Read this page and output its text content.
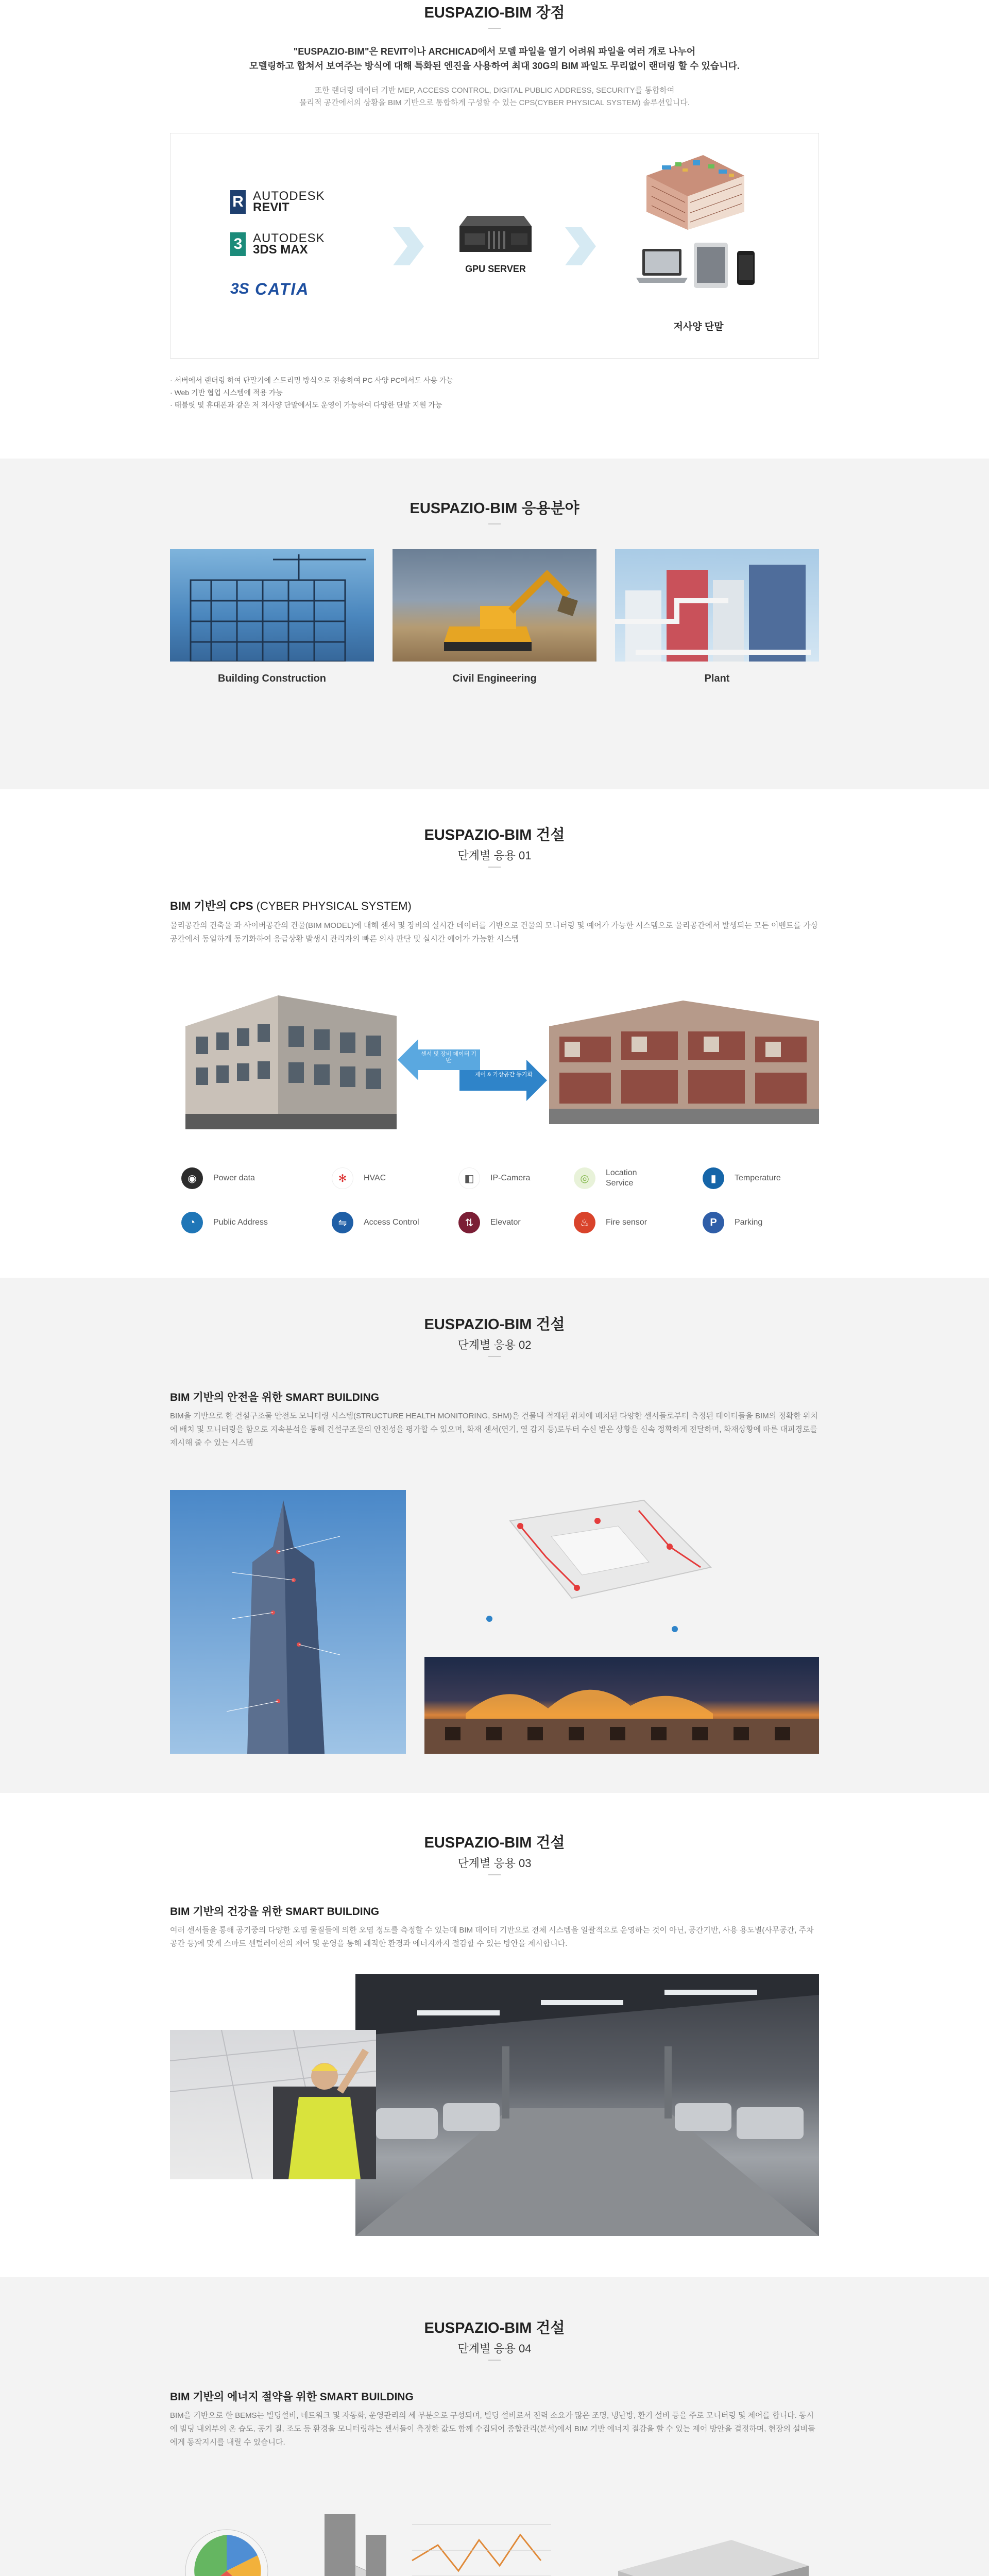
EUSPAZIO-BIM 장점
"EUSPAZIO-BIM"은 REVIT이나 ARCHICAD에서 모델 파일을 열기 어려워 파일을 여러 개로 나누어
모델링하고 합쳐서 보여주는 방식에 대해 특화된 엔진을 사용하여 최대 30G의 BIM 파일도 무리없이 랜더링 할 수 있습니다.
또한 랜더링 데이터 기반 MEP, ACCESS CONTROL, DIGITAL PUBLIC ADDRESS, SECURITY를 통합하여
물리적 공간에서의 상황을 BIM 기반으로 통합하게 구성할 수 있는 CPS(CYBER PHYSICAL SYSTEM) 솔루션입니다.
R AUTODESK
REVIT
3 AUTODESK
3DS MAX
3S CATIA
GPU SERVER
저사양 단말
· 서버에서 랜더링 하여 단말기에 스트리밍 방식으로 전송하여 PC 사양 PC에서도 사용 가능
· Web 기반 협업 시스템에 적용 가능
· 태블릿 및 휴대폰과 같은 저 저사양 단말에서도 운영이 가능하여 다양한 단말 지원 가능
EUSPAZIO-BIM 응용분야
Building Construction	Civil Engineering	Plant
EUSPAZIO-BIM 건설
단계별 응용 01
BIM 기반의 CPS (CYBER PHYSICAL SYSTEM)
물리공간의 건축물 과 사이버공간의 건물(BIM MODEL)에 대해 센서 및 장비의 실시간 데이터를 기반으로 건물의 모니터링 및 예어가 가능한 시스템으로 물리공간에서 발생되는 모든 이벤트를 가상 공간에서 동일하게 동기화하여 응급상황 발생시 관리자의 빠른 의사 판단 및 실시간 예어가 가능한 시스템
센서 및 장비 데이터 기반
제어 & 가상공간 동기화
◉	Power data	✻	HVAC	◧	IP-Camera	◎	Location Service	▮	Temperature
◔	Public Address	⇋	Access Control	⇅	Elevator	♨	Fire sensor	P	Parking
EUSPAZIO-BIM 건설
단계별 응용 02
BIM 기반의 안전을 위한 SMART BUILDING
BIM을 기반으로 한 건설구조물 안전도 모니터링 시스템(STRUCTURE HEALTH MONITORING, SHM)은 건물내 적재된 위치에 배치된 다양한 센서들로부터 측정된 데이터들을 BIM의 정확한 위치에 배치 및 모니터링을 함으로 지속분석을 통해 건설구조물의 안전성을 평가할 수 있으며, 화재 센서(연기, 열 감지 등)로부터 수신 받은 상황을 신속 정확하게 전달하며, 화재상황에 따른 대피경로를 제시해 줄 수 있는 시스템
EUSPAZIO-BIM 건설
단계별 응용 03
BIM 기반의 건강을 위한 SMART BUILDING
여러 센서들을 통해 공기중의 다양한 오염 물질들에 의한 오염 정도를 측정할 수 있는데 BIM 데이터 기반으로 전체 시스템을 일괄적으로 운영하는 것이 아닌, 공간기반, 사용 용도별(사무공간, 주차공간 등)에 맞게 스마트 센털레이션의 제어 및 운영을 통해 쾌적한 환경과 에너지까지 절감할 수 있는 방안을 제시합니다.
EUSPAZIO-BIM 건설
단계별 응용 04
BIM 기반의 에너지 절약을 위한 SMART BUILDING
BIM을 기반으로 한 BEMS는 빌딩설비, 네트워크 및 자동화, 운영관리의 세 부분으로 구성되며, 빌딩 설비로서 전력 소요가 많은 조명, 냉난방, 환기 설비 등을 주로 모니터링 및 제어를 합니다. 동시에 빌딩 내외부의 온 습도, 공기 질, 조도 등 환경을 모니터링하는 센서들이 측정한 값도 함께 수집되어 종합관리(분석)에서 BIM 기반 에너지 절감을 할 수 있는 제어 방안을 결정하며, 현장의 설비들에게 동작지시를 내릴 수 있습니다.
